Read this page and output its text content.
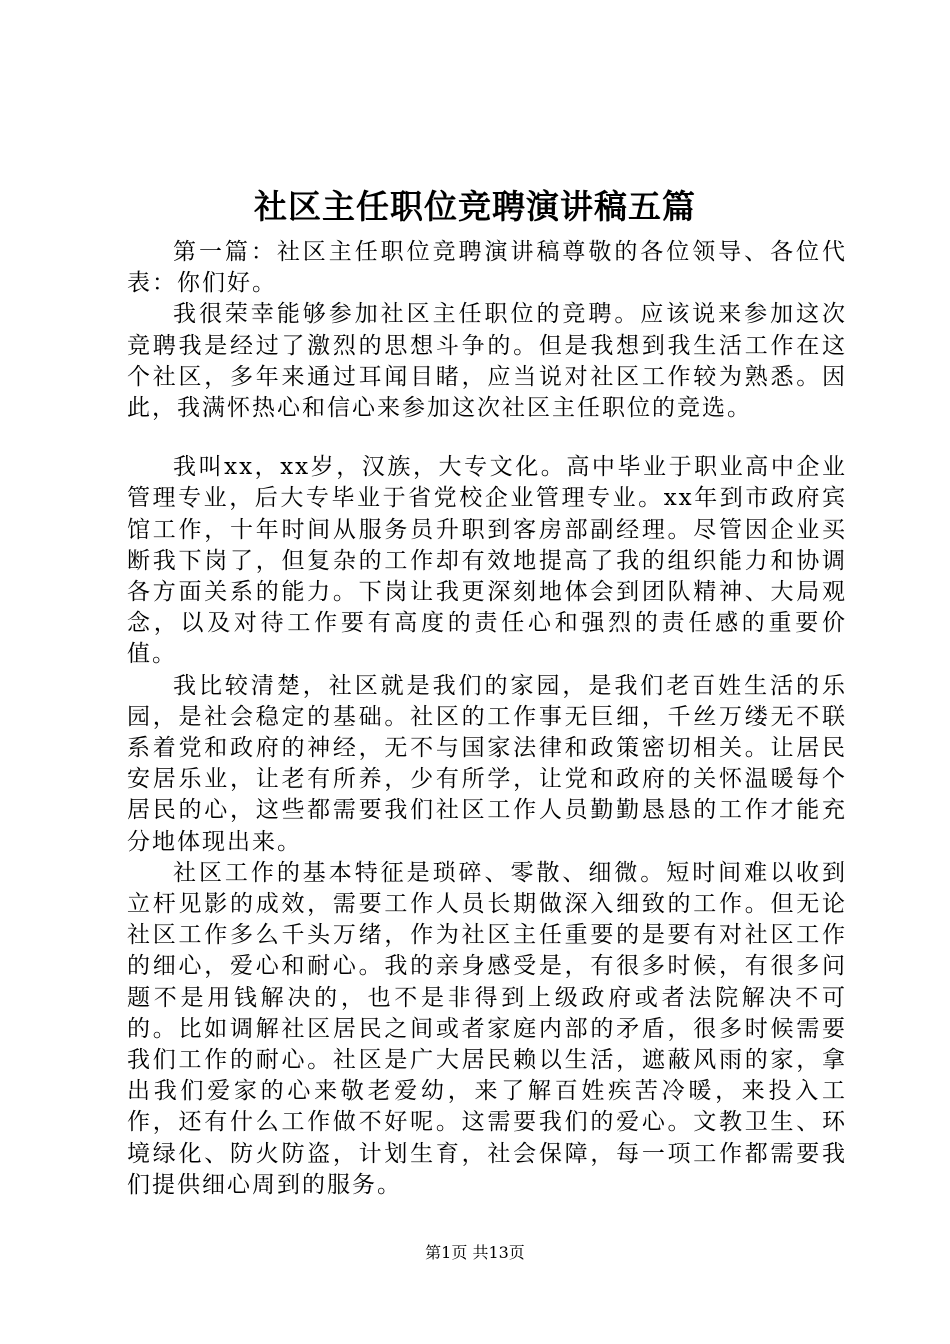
社区主任职位竞聘演讲稿五篇

第一篇：社区主任职位竞聘演讲稿尊敬的各位领导、各位代表：你们好。

我很荣幸能够参加社区主任职位的竞聘。应该说来参加这次竞聘我是经过了激烈的思想斗争的。但是我想到我生活工作在这个社区，多年来通过耳闻目睹，应当说对社区工作较为熟悉。因此，我满怀热心和信心来参加这次社区主任职位的竞选。

我叫xx，xx岁，汉族，大专文化。高中毕业于职业高中企业管理专业，后大专毕业于省党校企业管理专业。xx年到市政府宾馆工作，十年时间从服务员升职到客房部副经理。尽管因企业买断我下岗了，但复杂的工作却有效地提高了我的组织能力和协调各方面关系的能力。下岗让我更深刻地体会到团队精神、大局观念，以及对待工作要有高度的责任心和强烈的责任感的重要价值。

我比较清楚，社区就是我们的家园，是我们老百姓生活的乐园，是社会稳定的基础。社区的工作事无巨细，千丝万缕无不联系着党和政府的神经，无不与国家法律和政策密切相关。让居民安居乐业，让老有所养，少有所学，让党和政府的关怀温暖每个居民的心，这些都需要我们社区工作人员勤勤恳恳的工作才能充分地体现出来。

社区工作的基本特征是琐碎、零散、细微。短时间难以收到立杆见影的成效，需要工作人员长期做深入细致的工作。但无论社区工作多么千头万绪，作为社区主任重要的是要有对社区工作的细心，爱心和耐心。我的亲身感受是，有很多时候，有很多问题不是用钱解决的，也不是非得到上级政府或者法院解决不可的。比如调解社区居民之间或者家庭内部的矛盾，很多时候需要我们工作的耐心。社区是广大居民赖以生活，遮蔽风雨的家，拿出我们爱家的心来敬老爱幼，来了解百姓疾苦冷暖，来投入工作，还有什么工作做不好呢。这需要我们的爱心。文教卫生、环境绿化、防火防盗，计划生育，社会保障，每一项工作都需要我们提供细心周到的服务。

第1页 共13页
